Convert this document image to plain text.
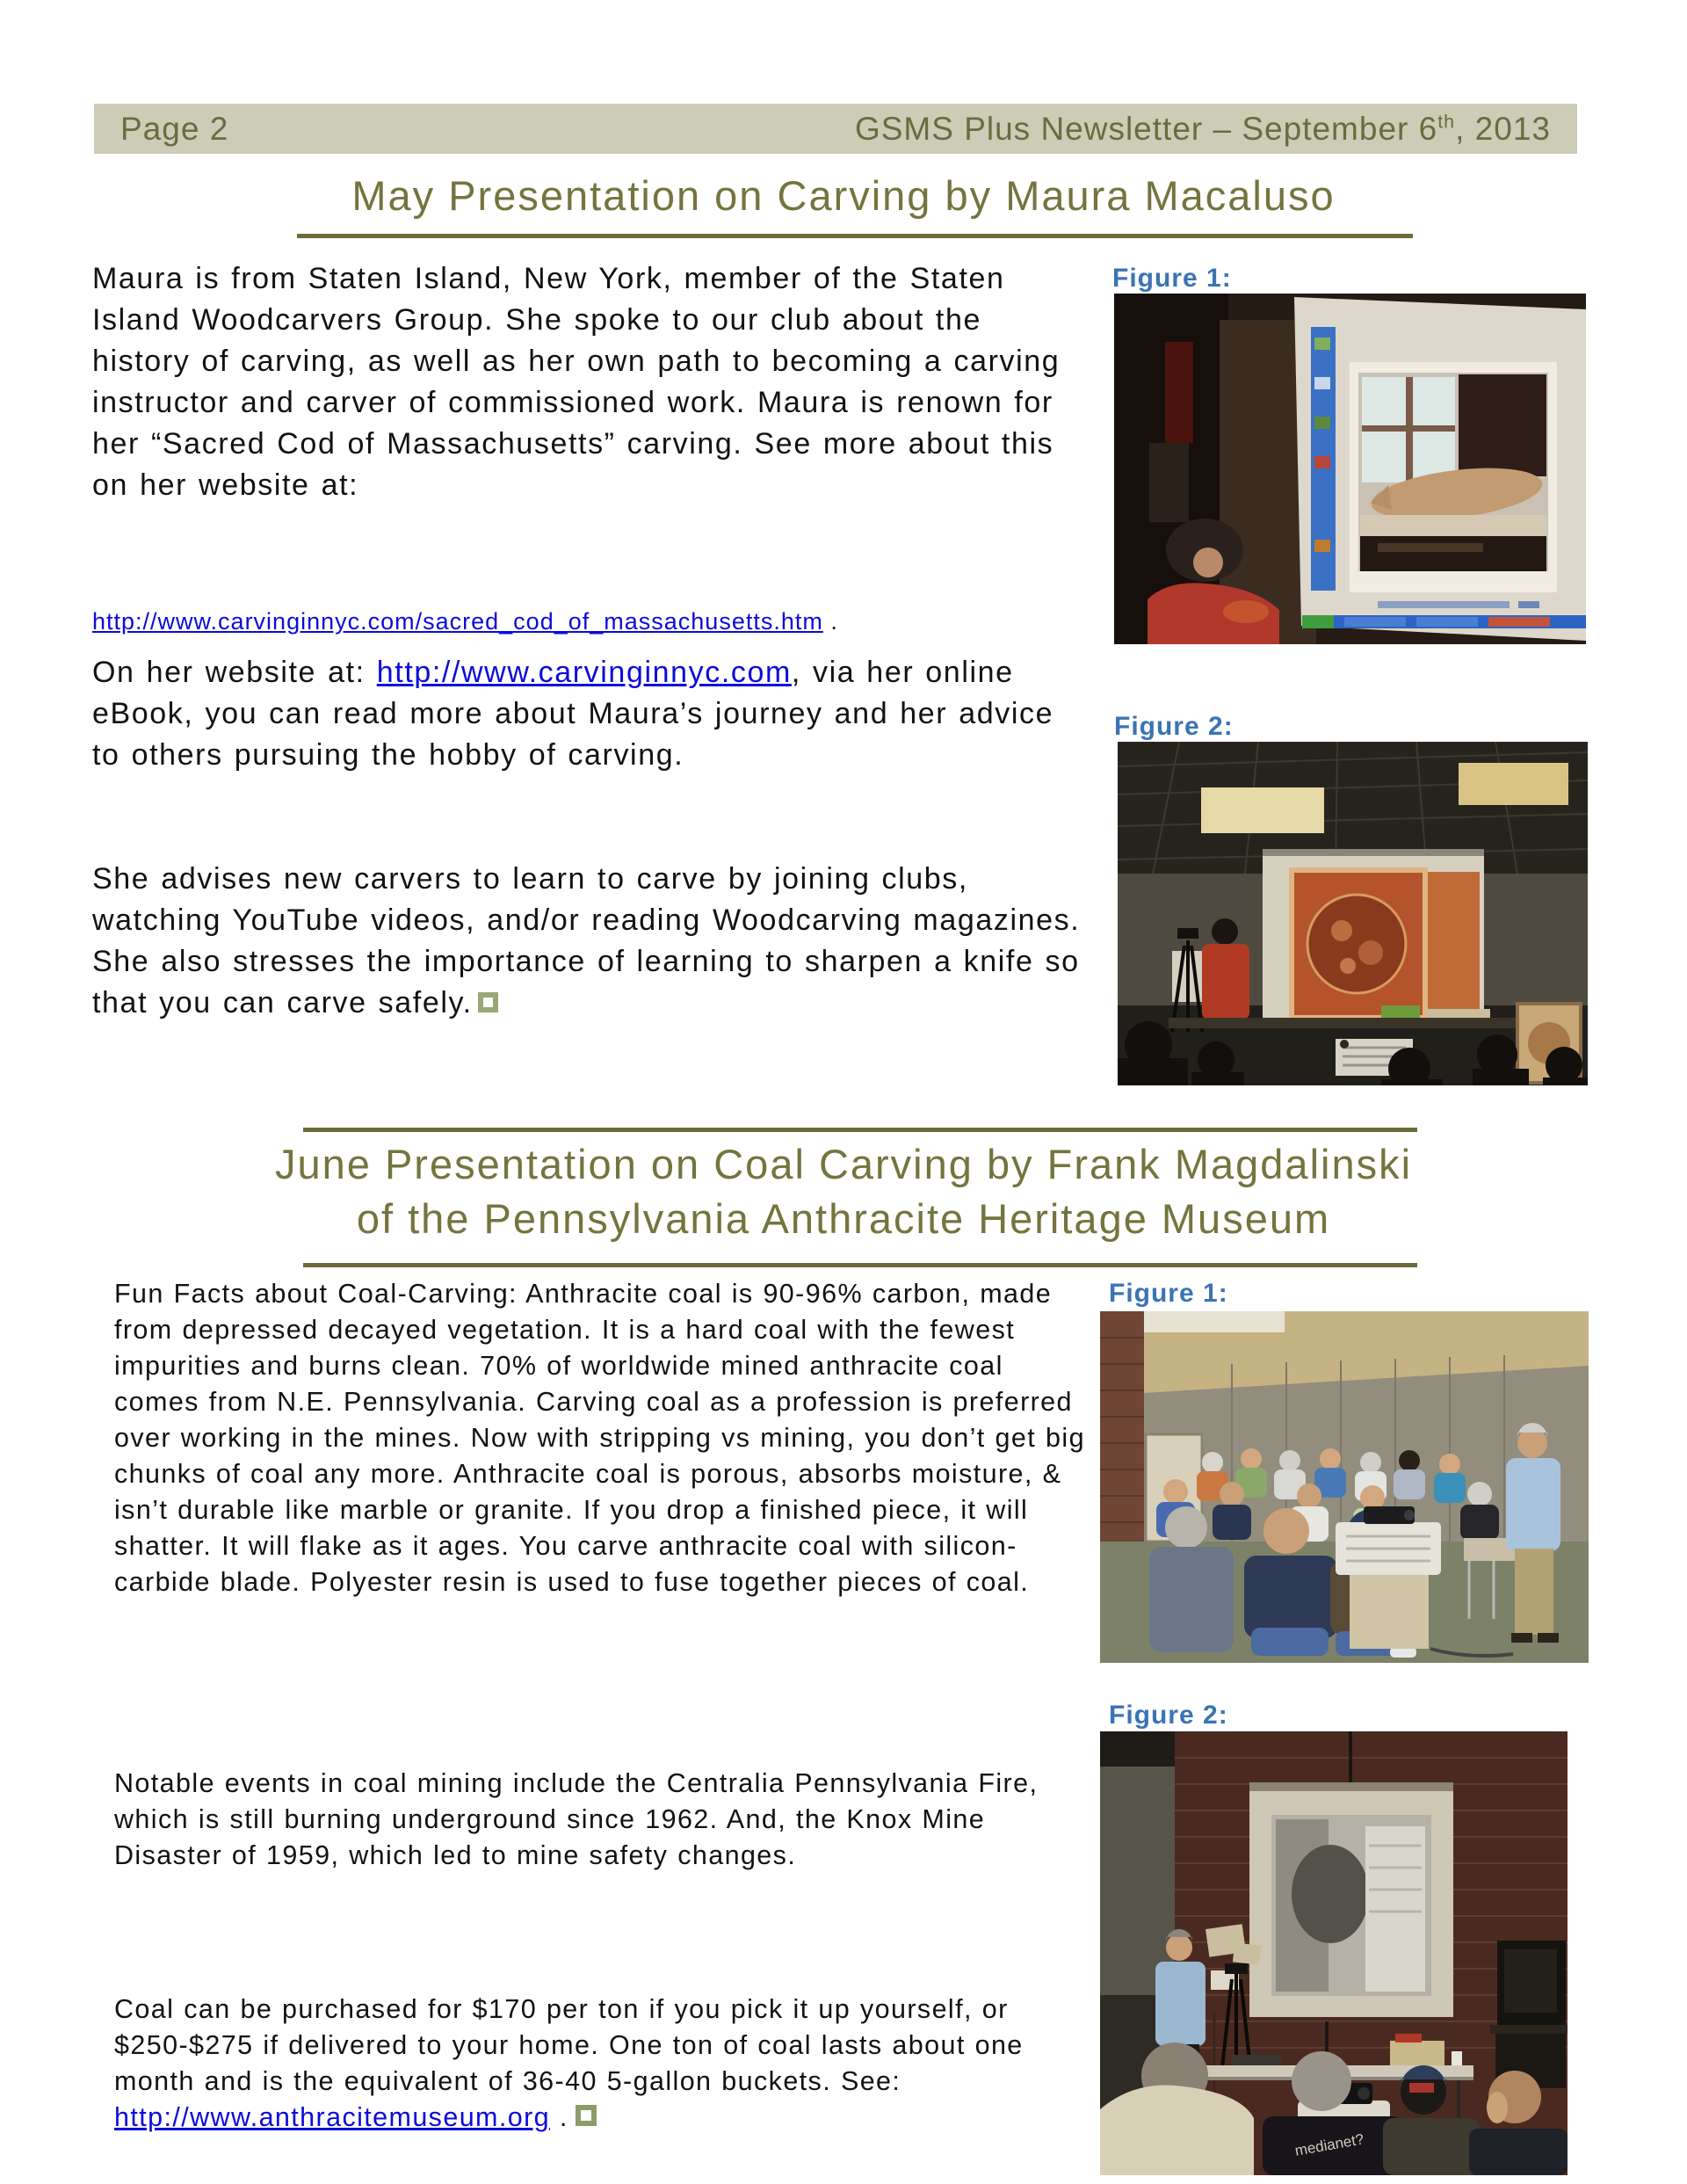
Page 2	GSMS Plus Newsletter – September 6th, 2013
May Presentation on Carving by Maura Macaluso
Maura is from Staten Island, New York, member of the Staten Island Woodcarvers Group. She spoke to our club about the history of carving, as well as her own path to becoming a carving instructor and carver of commissioned work. Maura is renown for her “Sacred Cod of Massachusetts” carving. See more about this on her website at:
http://www.carvinginnyc.com/sacred_cod_of_massachusetts.htm .
On her website at: http://www.carvinginnyc.com, via her online eBook, you can read more about Maura’s journey and her advice to others pursuing the hobby of carving.
She advises new carvers to learn to carve by joining clubs, watching YouTube videos, and/or reading Woodcarving magazines. She also stresses the importance of learning to sharpen a knife so that you can carve safely.
Figure 1:
Figure 2:
June Presentation on Coal Carving by Frank Magdalinski
of the Pennsylvania Anthracite Heritage Museum
Fun Facts about Coal-Carving: Anthracite coal is 90-96% carbon, made from depressed decayed vegetation. It is a hard coal with the fewest impurities and burns clean. 70% of worldwide mined anthracite coal comes from N.E. Pennsylvania. Carving coal as a profession is preferred over working in the mines. Now with stripping vs mining, you don’t get big chunks of coal any more. Anthracite coal is porous, absorbs moisture, & isn’t durable like marble or granite. If you drop a finished piece, it will shatter. It will flake as it ages. You carve anthracite coal with silicon-carbide blade. Polyester resin is used to fuse together pieces of coal.
Notable events in coal mining include the Centralia Pennsylvania Fire, which is still burning underground since 1962. And, the Knox Mine Disaster of 1959, which led to mine safety changes.
Coal can be purchased for $170 per ton if you pick it up yourself, or $250-$275 if delivered to your home. One ton of coal lasts about one month and is the equivalent of 36-40 5-gallon buckets. See: http://www.anthracitemuseum.org .
Figure 1:
Figure 2:
medianet?
